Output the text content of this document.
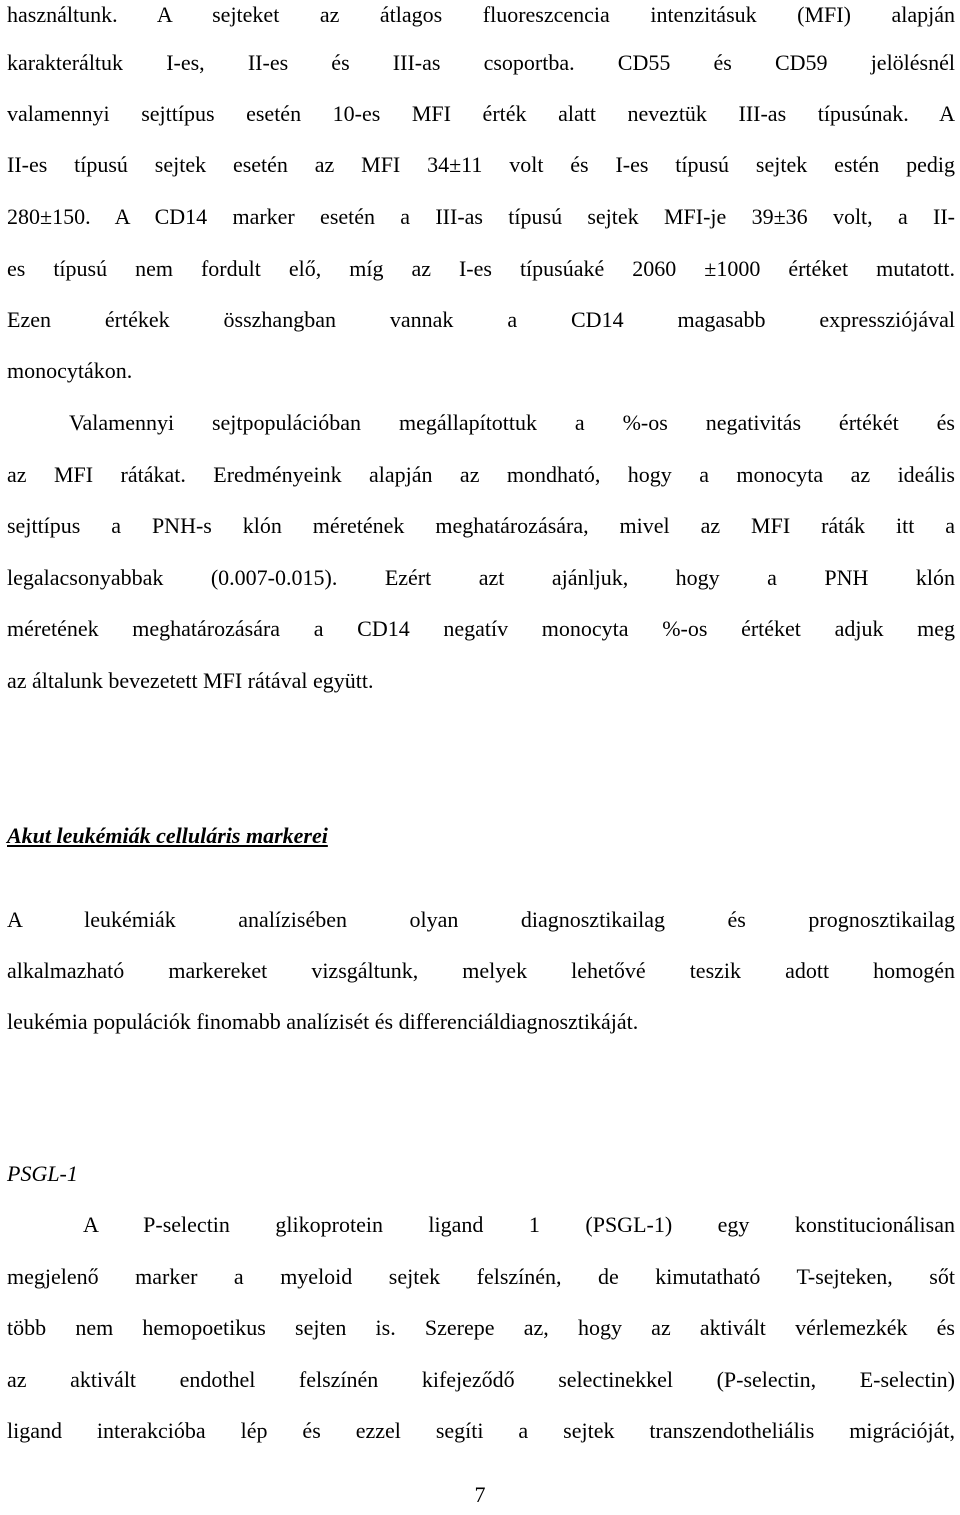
használtunk. A sejteket az átlagos fluoreszcencia intenzitásuk (MFI) alapján

karakteráltuk I-es, II-es és III-as csoportba. CD55 és CD59 jelölésnél

valamennyi sejttípus esetén 10-es MFI érték alatt neveztük III-as típusúnak. A

II-es típusú sejtek esetén az MFI 34±11 volt és I-es típusú sejtek estén pedig

280±150. A CD14 marker esetén a III-as típusú sejtek MFI-je 39±36 volt, a II-

es típusú nem fordult elő, míg az I-es típusúaké 2060 ±1000 értéket mutatott.

Ezen értékek összhangban vannak a CD14 magasabb expressziójával

monocytákon.

Valamennyi sejtpopulációban megállapítottuk a %-os negativitás értékét és

az MFI rátákat. Eredményeink alapján az mondható, hogy a monocyta az ideális

sejttípus a PNH-s klón méretének meghatározására, mivel az MFI ráták itt a

legalacsonyabbak (0.007-0.015). Ezért azt ajánljuk, hogy a PNH klón

méretének meghatározására a CD14 negatív monocyta %-os értéket adjuk meg

az általunk bevezetett MFI rátával együtt.

Akut leukémiák celluláris markerei

A leukémiák analízisében olyan diagnosztikailag és prognosztikailag

alkalmazható markereket vizsgáltunk, melyek lehetővé teszik adott homogén

leukémia populációk finomabb analízisét és differenciáldiagnosztikáját.

PSGL-1

A P-selectin glikoprotein ligand 1 (PSGL-1) egy konstitucionálisan

megjelenő marker a myeloid sejtek felszínén, de kimutatható T-sejteken, sőt

több nem hemopoetikus sejten is. Szerepe az, hogy az aktivált vérlemezkék és

az aktivált endothel felszínén kifejeződő selectinekkel (P-selectin, E-selectin)

ligand interakcióba lép és ezzel segíti a sejtek transzendotheliális migrációját,

7
